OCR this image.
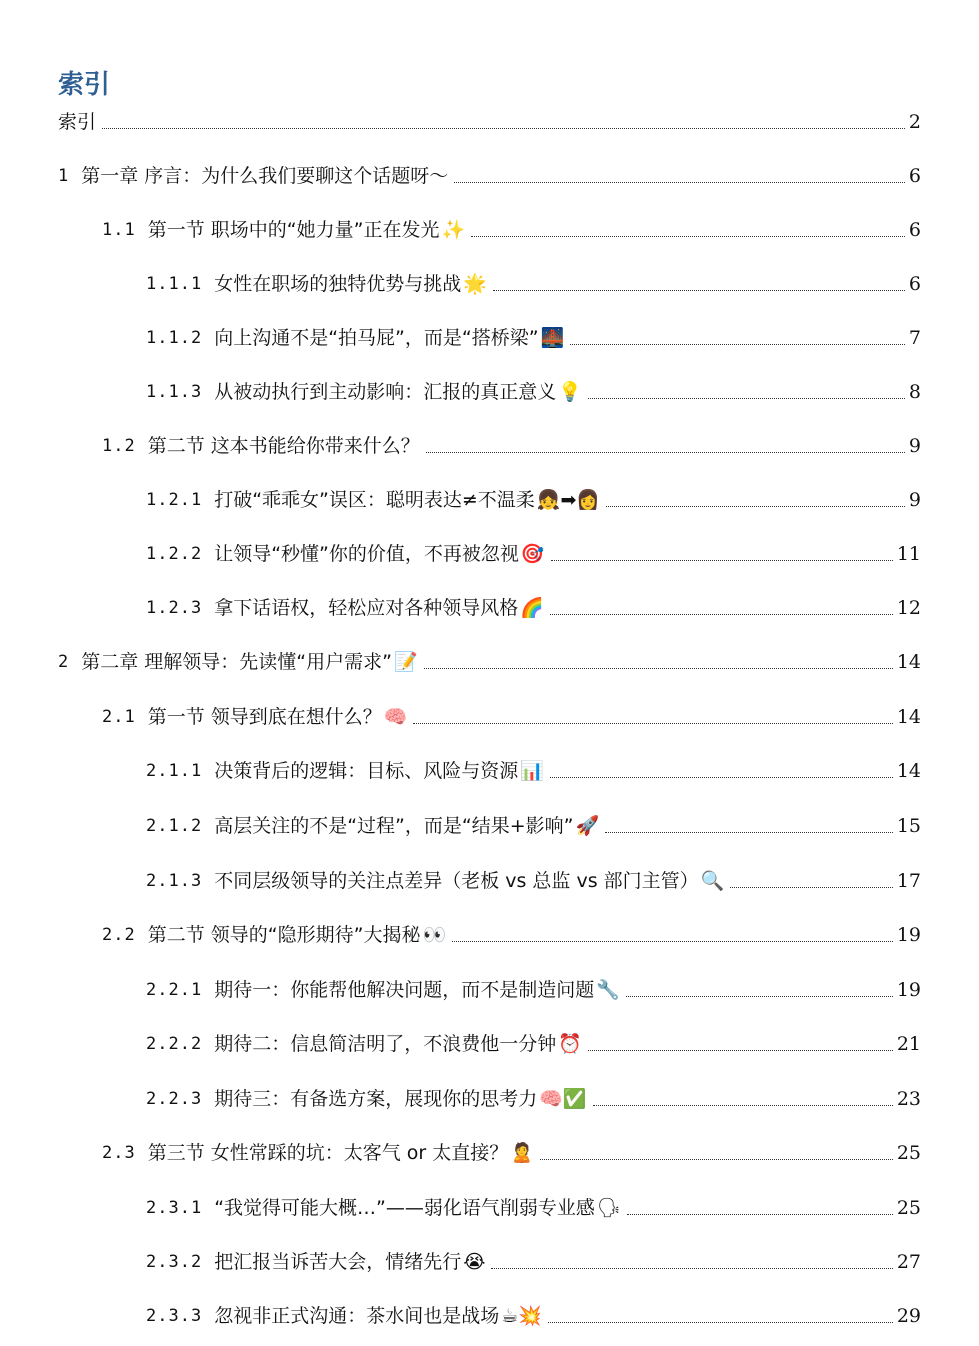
索引
索引	2
1 第一章 序言：为什么我们要聊这个话题呀～	6
1.1 第一节 职场中的“她力量”正在发光 ✨	6
1.1.1 女性在职场的独特优势与挑战 🌟	6
1.1.2 向上沟通不是“拍马屁”，而是“搭桥梁” 🌉	7
1.1.3 从被动执行到主动影响：汇报的真正意义 💡	8
1.2 第二节 这本书能给你带来什么？	9
1.2.1 打破“乖乖女”误区：聪明表达≠不温柔 👧➡👩	9
1.2.2 让领导“秒懂”你的价值，不再被忽视 🎯	11
1.2.3 拿下话语权，轻松应对各种领导风格 🌈	12
2 第二章 理解领导：先读懂“用户需求” 📝	14
2.1 第一节 领导到底在想什么？ 🧠	14
2.1.1 决策背后的逻辑：目标、风险与资源 📊	14
2.1.2 高层关注的不是“过程”，而是“结果+影响” 🚀	15
2.1.3 不同层级领导的关注点差异（老板 vs 总监 vs 部门主管） 🔍	17
2.2 第二节 领导的“隐形期待”大揭秘 👀	19
2.2.1 期待一：你能帮他解决问题，而不是制造问题 🔧	19
2.2.2 期待二：信息简洁明了，不浪费他一分钟 ⏰	21
2.2.3 期待三：有备选方案，展现你的思考力 🧠✅	23
2.3 第三节 女性常踩的坑：太客气 or 太直接？ 🙎	25
2.3.1 “我觉得可能大概…”——弱化语气削弱专业感 🗣	25
2.3.2 把汇报当诉苦大会，情绪先行 😭	27
2.3.3 忽视非正式沟通：茶水间也是战场 ☕💥	29
